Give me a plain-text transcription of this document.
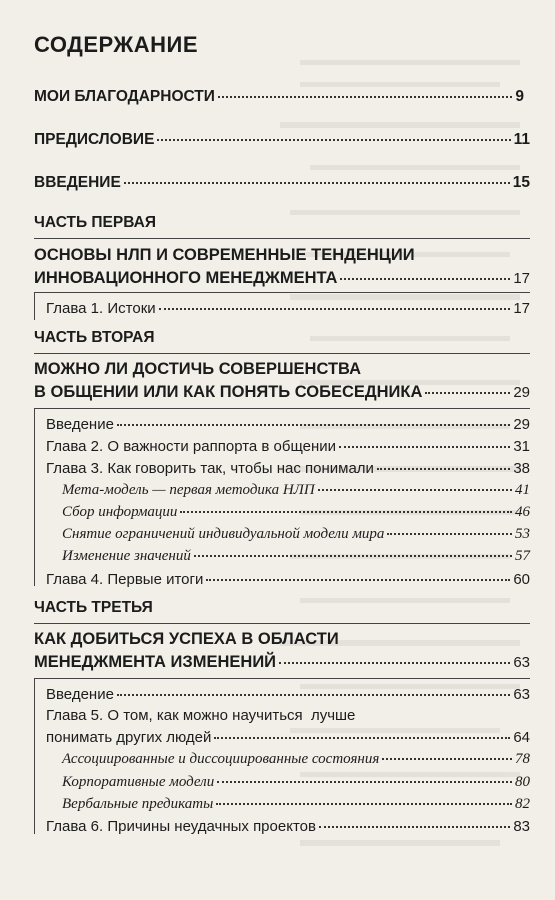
СОДЕРЖАНИЕ
МОИ БЛАГОДАРНОСТИ	9
ПРЕДИСЛОВИЕ	11
ВВЕДЕНИЕ	15
ЧАСТЬ ПЕРВАЯ
ОСНОВЫ НЛП И СОВРЕМЕННЫЕ ТЕНДЕНЦИИ
ИННОВАЦИОННОГО МЕНЕДЖМЕНТА	17
Глава 1. Истоки	17
ЧАСТЬ ВТОРАЯ
МОЖНО ЛИ ДОСТИЧЬ СОВЕРШЕНСТВА
В ОБЩЕНИИ ИЛИ КАК ПОНЯТЬ СОБЕСЕДНИКА	29
Введение	29
Глава 2. О важности раппорта в общении	31
Глава 3. Как говорить так, чтобы нас понимали	38
Мета-модель — первая методика НЛП	41
Сбор информации	46
Снятие ограничений индивидуальной модели мира	53
Изменение значений	57
Глава 4. Первые итоги	60
ЧАСТЬ ТРЕТЬЯ
КАК ДОБИТЬСЯ УСПЕХА В ОБЛАСТИ
МЕНЕДЖМЕНТА ИЗМЕНЕНИЙ	63
Введение	63
Глава 5. О том, как можно научиться  лучше
понимать других людей	64
Ассоциированные и диссоциированные состояния	78
Корпоративные модели	80
Вербальные предикаты	82
Глава 6. Причины неудачных проектов	83
